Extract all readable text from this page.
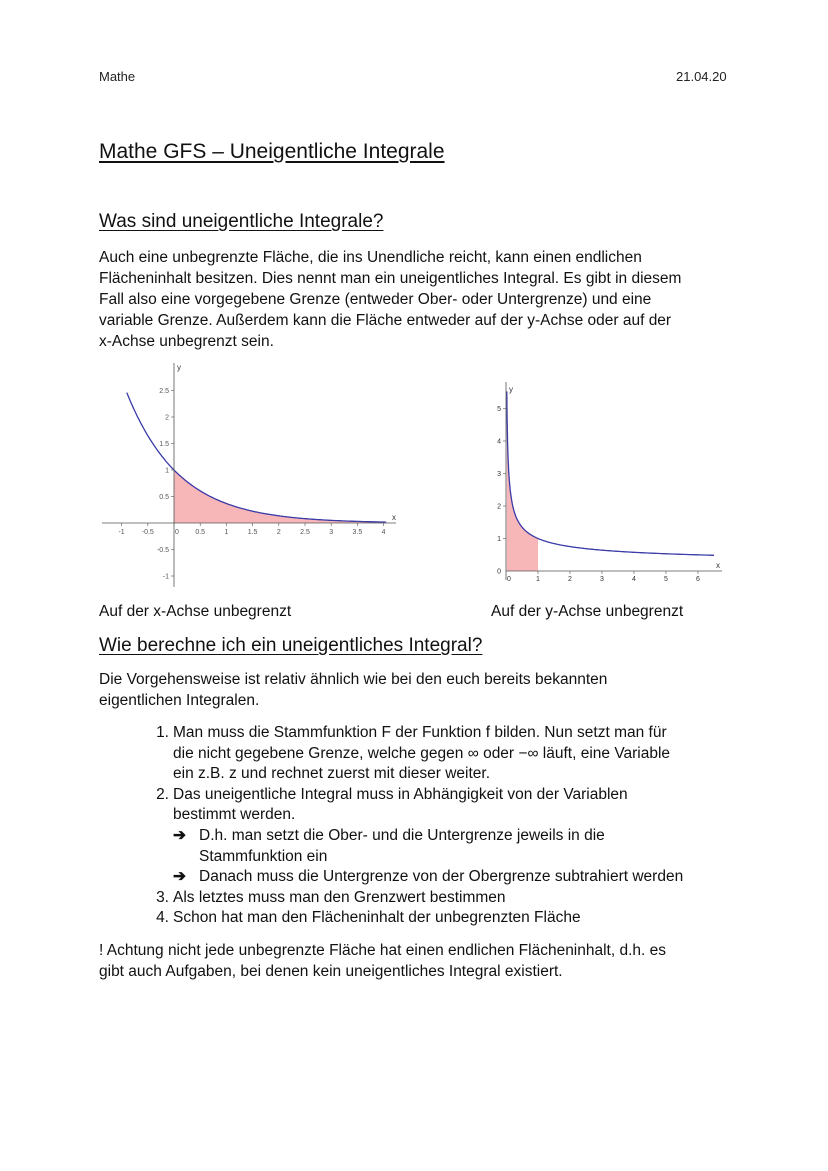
Mathe	21.04.20
Mathe GFS – Uneigentliche Integrale
Was sind uneigentliche Integrale?
Auch eine unbegrenzte Fläche, die ins Unendliche reicht, kann einen endlichen
Flächeninhalt besitzen. Dies nennt man ein uneigentliches Integral. Es gibt in diesem
Fall also eine vorgegebene Grenze (entweder Ober- oder Untergrenze) und eine
variable Grenze. Außerdem kann die Fläche entweder auf der y-Achse oder auf der
x-Achse unbegrenzt sein.
x
y
-1 -0.5	0 0.5	1	1.5	2	2.5	3	3.5	4
2.5
2
1.5
1
0.5
-0.5
-1
Auf der x-Achse unbegrenzt
x
y
0	1	2	3	4	5	6
5
4
3
2
1
0
Auf der y-Achse unbegrenzt
Wie berechne ich ein uneigentliches Integral?
Die Vorgehensweise ist relativ ähnlich wie bei den euch bereits bekannten
eigentlichen Integralen.
1. Man muss die Stammfunktion F der Funktion f bilden. Nun setzt man für
die nicht gegebene Grenze, welche gegen ∞ oder −∞ läuft, eine Variable
ein z.B. z und rechnet zuerst mit dieser weiter.
2. Das uneigentliche Integral muss in Abhängigkeit von der Variablen
bestimmt werden.
➔ D.h. man setzt die Ober- und die Untergrenze jeweils in die
Stammfunktion ein
➔ Danach muss die Untergrenze von der Obergrenze subtrahiert werden
3. Als letztes muss man den Grenzwert bestimmen
4. Schon hat man den Flächeninhalt der unbegrenzten Fläche
! Achtung nicht jede unbegrenzte Fläche hat einen endlichen Flächeninhalt, d.h. es
gibt auch Aufgaben, bei denen kein uneigentliches Integral existiert.
